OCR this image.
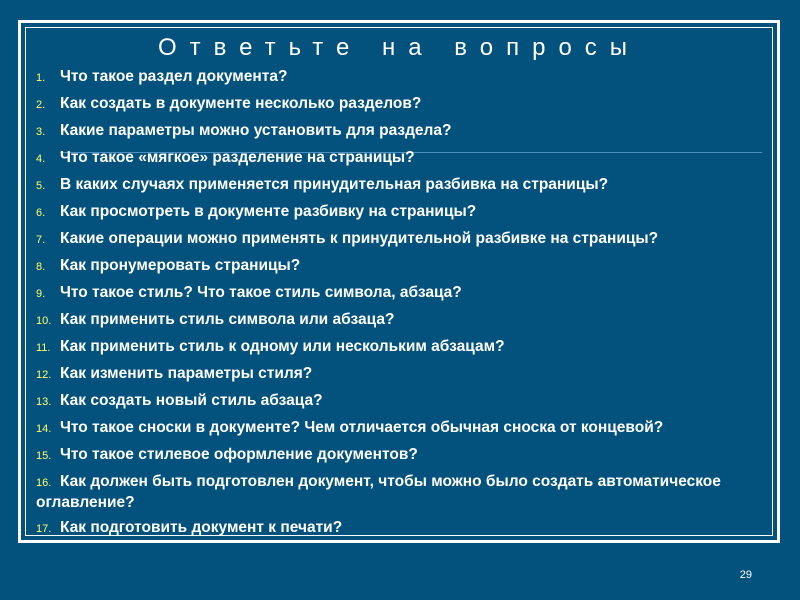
Ответьте на вопросы
1. Что такое раздел документа?
2. Как создать в документе несколько разделов?
3. Какие параметры можно установить для раздела?
4. Что такое «мягкое» разделение на страницы?
5. В каких случаях применяется принудительная разбивка на страницы?
6. Как просмотреть в документе разбивку на страницы?
7. Какие операции можно применять к принудительной разбивке на страницы?
8. Как пронумеровать страницы?
9. Что такое стиль? Что такое стиль символа, абзаца?
10. Как применить стиль символа или абзаца?
11. Как применить стиль к одному или нескольким абзацам?
12. Как изменить параметры стиля?
13. Как создать новый стиль абзаца?
14. Что такое сноски в документе? Чем отличается обычная сноска от концевой?
15. Что такое стилевое оформление документов?
16. Как должен быть подготовлен документ, чтобы можно было создать автоматическое оглавление?
17. Как подготовить документ к печати?
29
